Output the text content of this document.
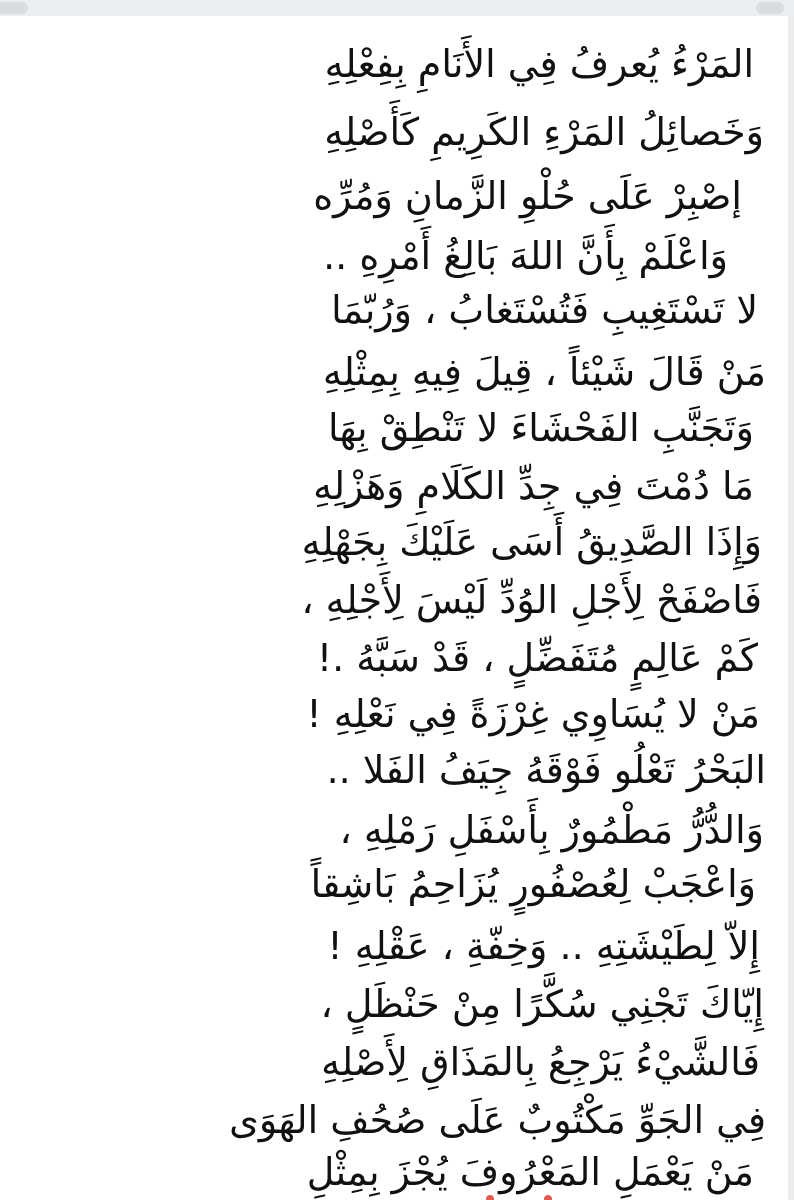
المَرْءُ يُعرفُ فِي الأَنَامِ بِفِعْلِهِ
وَخَصائِلُ المَرْءِ الكَرِيمِ كَأَصْلِهِ
إصْبِرْ عَلَى حُلْوِ الزَّمانِ وَمُرِّه
وَاعْلَمْ بِأَنَّ اللهَ بَالِغُ أَمْرِهِ ..
لا تَسْتَغِيبِ فَتُسْتَغابُ ، وَرُبّمَا
مَنْ قَالَ شَيْئاً ، قِيلَ فِيهِ بِمِثْلِهِ
وَتَجَنَّبِ الفَحْشَاءَ لا تَنْطِقْ بِهَا
مَا دُمْتَ فِي جِدِّ الكَلَامِ وَهَزْلِهِ
وَإِذَا الصَّدِيقُ أَسَى عَلَيْكَ بِجَهْلِهِ
فَاصْفَحْ لِأَجْلِ الوُدِّ لَيْسَ لِأَجْلِهِ ،
كَمْ عَالِمٍ مُتَفَضِّلٍ ، قَدْ سَبَّهُ .!
مَنْ لا يُسَاوِي غِرْزَةً فِي نَعْلِهِ !
البَحْرُ تَعْلُو فَوْقَهُ جِيَفُ الفَلا ..
وَالدُّرُّ مَطْمُورٌ بِأَسْفَلِ رَمْلِهِ ،
وَاعْجَبْ لِعُصْفُورٍ يُزَاحِمُ بَاشِقاً
إِلاّ لِطَيْشَتِهِ .. وَخِفّةِ ، عَقْلِهِ !
إِيّاكَ تَجْنِي سُكَّرًا مِنْ حَنْظَلٍ ،
فَالشَّيْءُ يَرْجِعُ بِالمَذَاقِ لِأَصْلِهِ
فِي الجَوِّ مَكْتُوبٌ عَلَى صُحُفِ الهَوَى
مَنْ يَعْمَلِ المَعْرُوفَ يُجْزَ بِمِثْلِ
